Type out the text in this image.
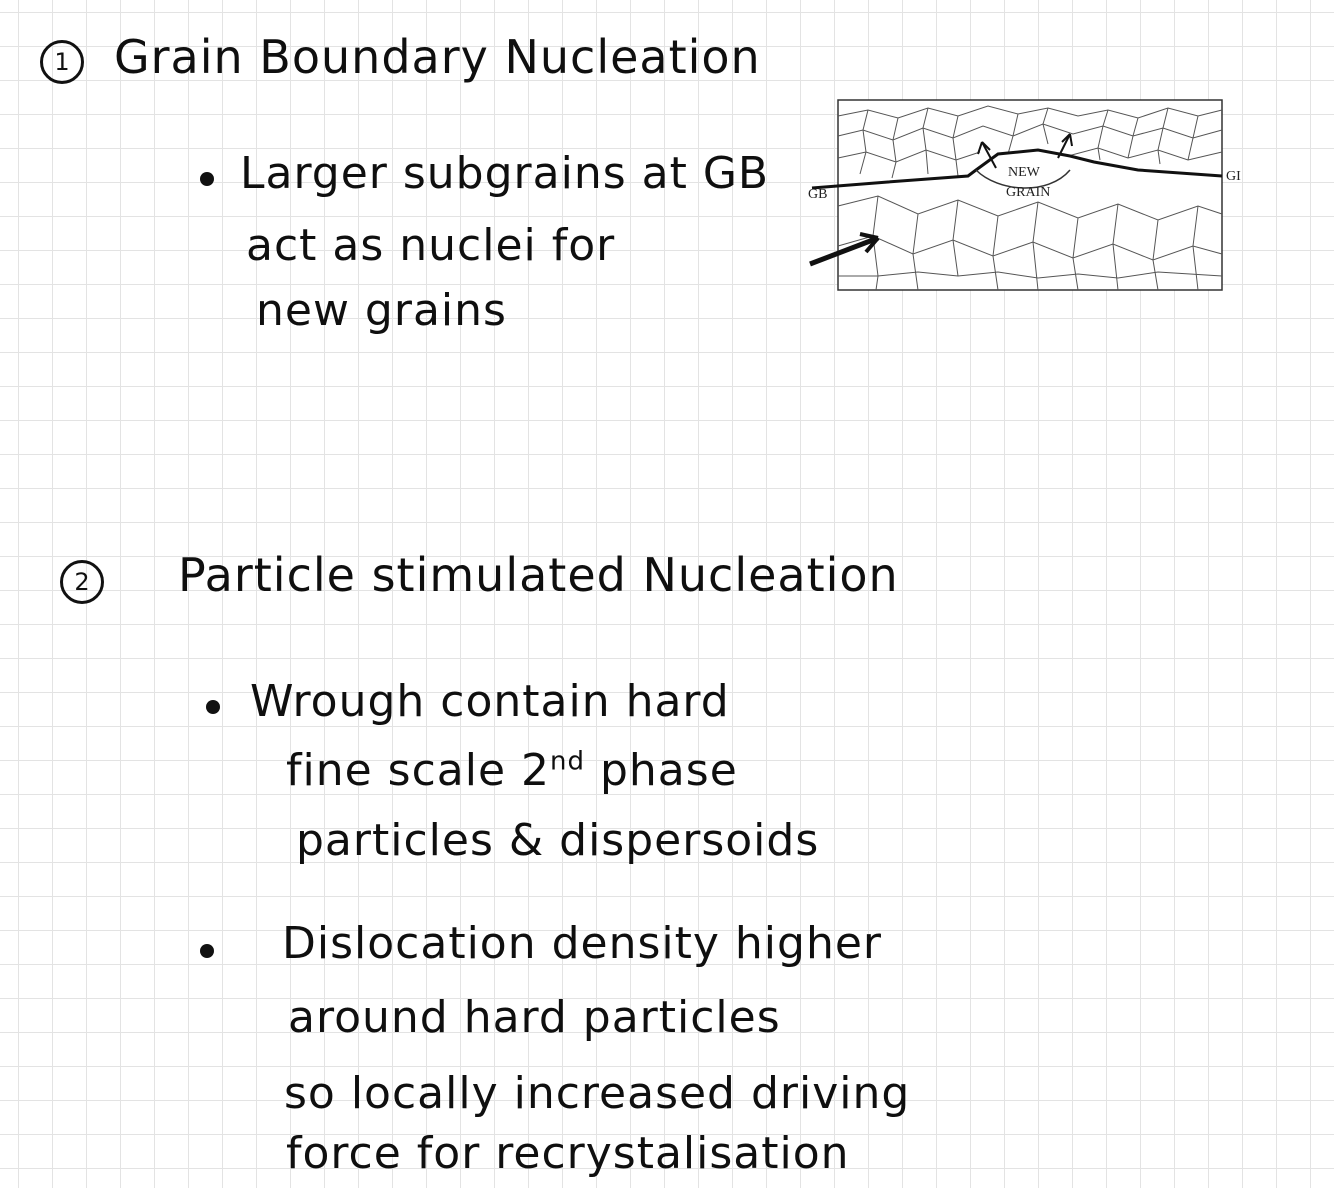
1 Grain Boundary Nucleation
Larger subgrains at GB
act as nuclei for
new grains
NEW
GRAIN
GB
GI
2 Particle stimulated Nucleation
Wrough contain hard
fine scale 2nd phase
particles & dispersoids
Dislocation density higher
around hard particles
so locally increased driving
force for recrystalisation
